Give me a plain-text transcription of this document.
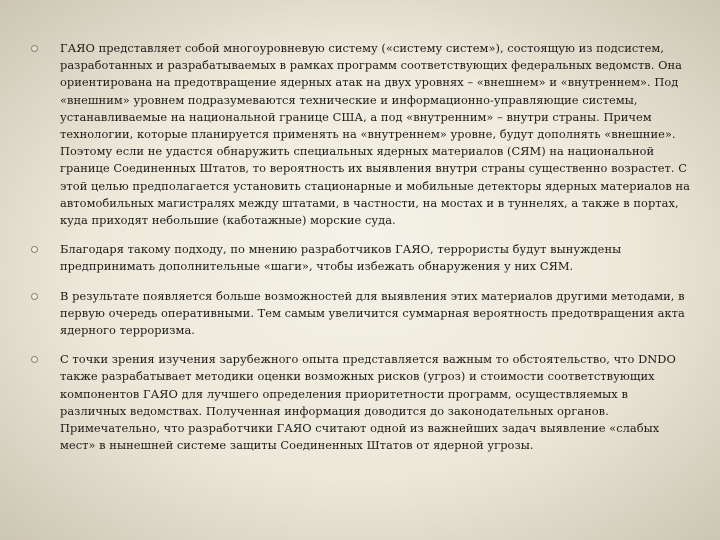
ГАЯО представляет собой многоуровневую систему («систему систем»), состоящую из подсистем, разработанных и разрабатываемых в рамках программ соответствующих федеральных ведомств. Она ориентирована на предотвращение ядерных атак на двух уровнях – «внешнем» и «внутреннем». Под «внешним» уровнем подразумеваются технические и информационно-управляющие системы, устанавливаемые на национальной границе США, а под «внутренним» – внутри страны. Причем технологии, которые планируется применять на «внутреннем» уровне, будут дополнять «внешние». Поэтому если не удастся обнаружить специальных ядерных материалов (СЯМ) на национальной границе Соединенных Штатов, то вероятность их выявления внутри страны существенно возрастет. С этой целью предполагается установить стационарные и мобильные детекторы ядерных материалов на автомобильных магистралях между штатами, в частности, на мостах и в туннелях, а также в портах, куда приходят небольшие (каботажные) морские суда.
Благодаря такому подходу, по мнению разработчиков ГАЯО, террористы будут вынуждены предпринимать дополнительные «шаги», чтобы избежать обнаружения у них СЯМ.
В результате появляется больше возможностей для выявления этих материалов другими методами, в первую очередь оперативными. Тем самым увеличится суммарная вероятность предотвращения акта ядерного терроризма.
С точки зрения изучения зарубежного опыта представляется важным то обстоятельство, что DNDO также разрабатывает методики оценки возможных рисков (угроз) и стоимости соответствующих компонентов ГАЯО для лучшего определения приоритетности программ, осуществляемых в различных ведомствах. Полученная информация доводится до законодательных органов. Примечательно, что разработчики ГАЯО считают одной из важнейших задач выявление «слабых мест» в нынешней системе защиты Соединенных Штатов от ядерной угрозы.
